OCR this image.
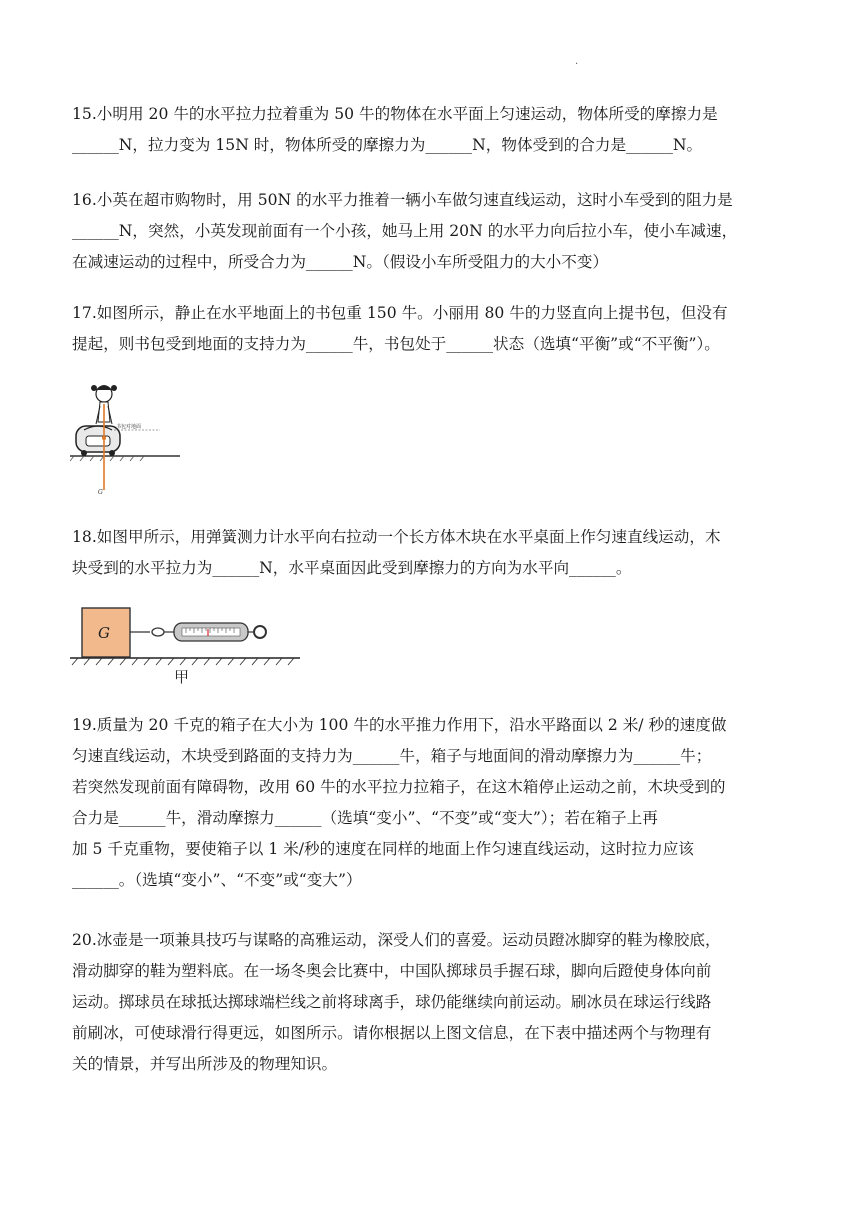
.

15.小明用 20 牛的水平拉力拉着重为 50 牛的物体在水平面上匀速运动，物体所受的摩擦力是

______N，拉力变为 15N 时，物体所受的摩擦力为______N，物体受到的合力是______N。

16.小英在超市购物时，用 50N 的水平力推着一辆小车做匀速直线运动，这时小车受到的阻力是

______N，突然，小英发现前面有一个小孩，她马上用 20N 的水平力向后拉小车，使小车减速，

在减速运动的过程中，所受合力为______N。（假设小车所受阻力的大小不变）

17.如图所示，静止在水平地面上的书包重 150 牛。小丽用 80 牛的力竖直向上提书包，但没有

提起，则书包受到地面的支持力为______牛，书包处于______状态（选填“平衡”或“不平衡”）。

书包对地面
G

18.如图甲所示，用弹簧测力计水平向右拉动一个长方体木块在水平桌面上作匀速直线运动，木

块受到的水平拉力为______N，水平桌面因此受到摩擦力的方向为水平向______。

G
甲

19.质量为 20 千克的箱子在大小为 100 牛的水平推力作用下，沿水平路面以 2 米/ 秒的速度做

匀速直线运动，木块受到路面的支持力为______牛，箱子与地面间的滑动摩擦力为______牛；

若突然发现前面有障碍物，改用 60 牛的水平拉力拉箱子，在这木箱停止运动之前，木块受到的

合力是______牛，滑动摩擦力______（选填“变小”、“不变”或“变大”）；若在箱子上再

加 5 千克重物，要使箱子以 1 米/秒的速度在同样的地面上作匀速直线运动，这时拉力应该

______。（选填“变小”、“不变”或“变大”）

20.冰壶是一项兼具技巧与谋略的高雅运动，深受人们的喜爱。运动员蹬冰脚穿的鞋为橡胶底，

滑动脚穿的鞋为塑料底。在一场冬奥会比赛中，中国队掷球员手握石球，脚向后蹬使身体向前

运动。掷球员在球抵达掷球端栏线之前将球离手，球仍能继续向前运动。刷冰员在球运行线路

前刷冰，可使球滑行得更远，如图所示。请你根据以上图文信息，在下表中描述两个与物理有

关的情景，并写出所涉及的物理知识。
